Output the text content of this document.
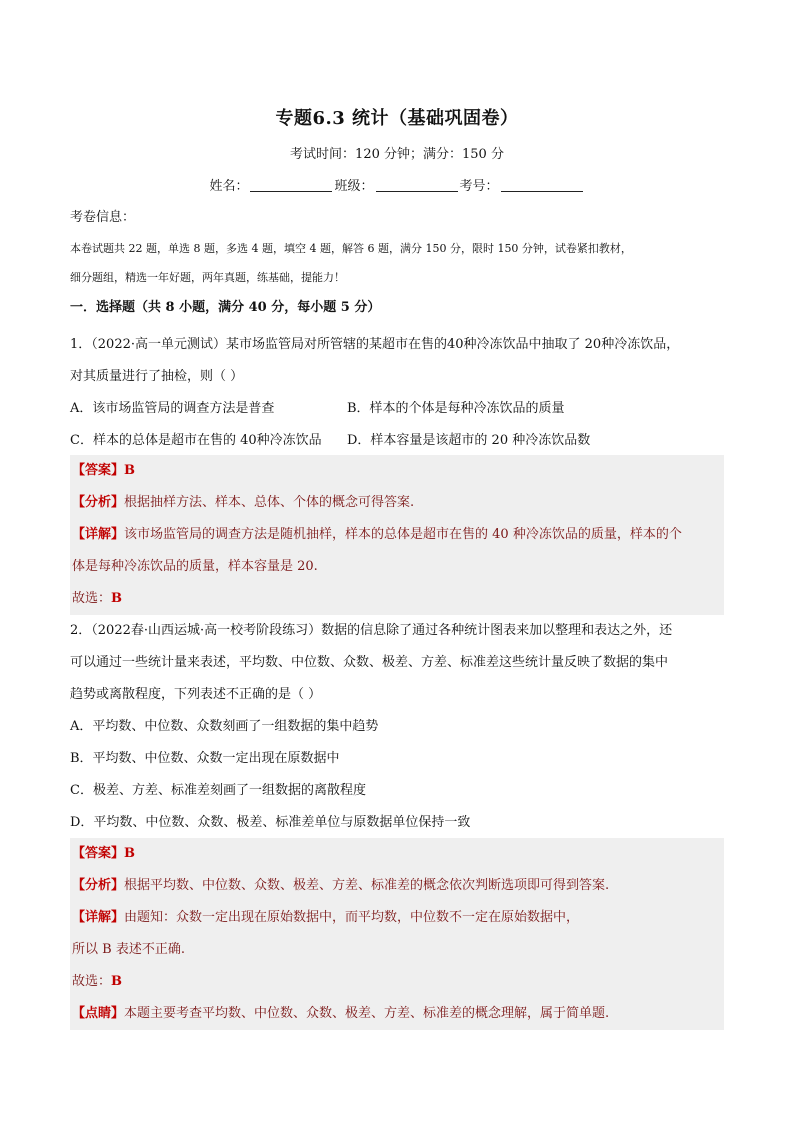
专题6.3 统计（基础巩固卷）
考试时间：120 分钟；满分：150 分
姓名：	班级：	考号：
考卷信息：
本卷试题共 22 题，单选 8 题，多选 4 题，填空 4 题，解答 6 题，满分 150 分，限时 150 分钟，试卷紧扣教材，
细分题组，精选一年好题，两年真题，练基础，提能力！
一．选择题（共 8 小题，满分 40 分，每小题 5 分）
1．（2022·高一单元测试）某市场监管局对所管辖的某超市在售的40种冷冻饮品中抽取了 20种冷冻饮品，
对其质量进行了抽检，则（ ）
A．该市场监管局的调查方法是普查	B．样本的个体是每种冷冻饮品的质量
C．样本的总体是超市在售的 40种冷冻饮品	D．样本容量是该超市的 20 种冷冻饮品数
【答案】B
【分析】根据抽样方法、样本、总体、个体的概念可得答案.
【详解】该市场监管局的调查方法是随机抽样，样本的总体是超市在售的 40 种冷冻饮品的质量，样本的个
体是每种冷冻饮品的质量，样本容量是 20.
故选：B
2．（2022春·山西运城·高一校考阶段练习）数据的信息除了通过各种统计图表来加以整理和表达之外，还
可以通过一些统计量来表述，平均数、中位数、众数、极差、方差、标准差这些统计量反映了数据的集中
趋势或离散程度，下列表述不正确的是（ ）
A．平均数、中位数、众数刻画了一组数据的集中趋势
B．平均数、中位数、众数一定出现在原数据中
C．极差、方差、标准差刻画了一组数据的离散程度
D．平均数、中位数、众数、极差、标准差单位与原数据单位保持一致
【答案】B
【分析】根据平均数、中位数、众数、极差、方差、标准差的概念依次判断选项即可得到答案.
【详解】由题知：众数一定出现在原始数据中，而平均数，中位数不一定在原始数据中，
所以 B 表述不正确.
故选：B
【点睛】本题主要考查平均数、中位数、众数、极差、方差、标准差的概念理解，属于简单题.
